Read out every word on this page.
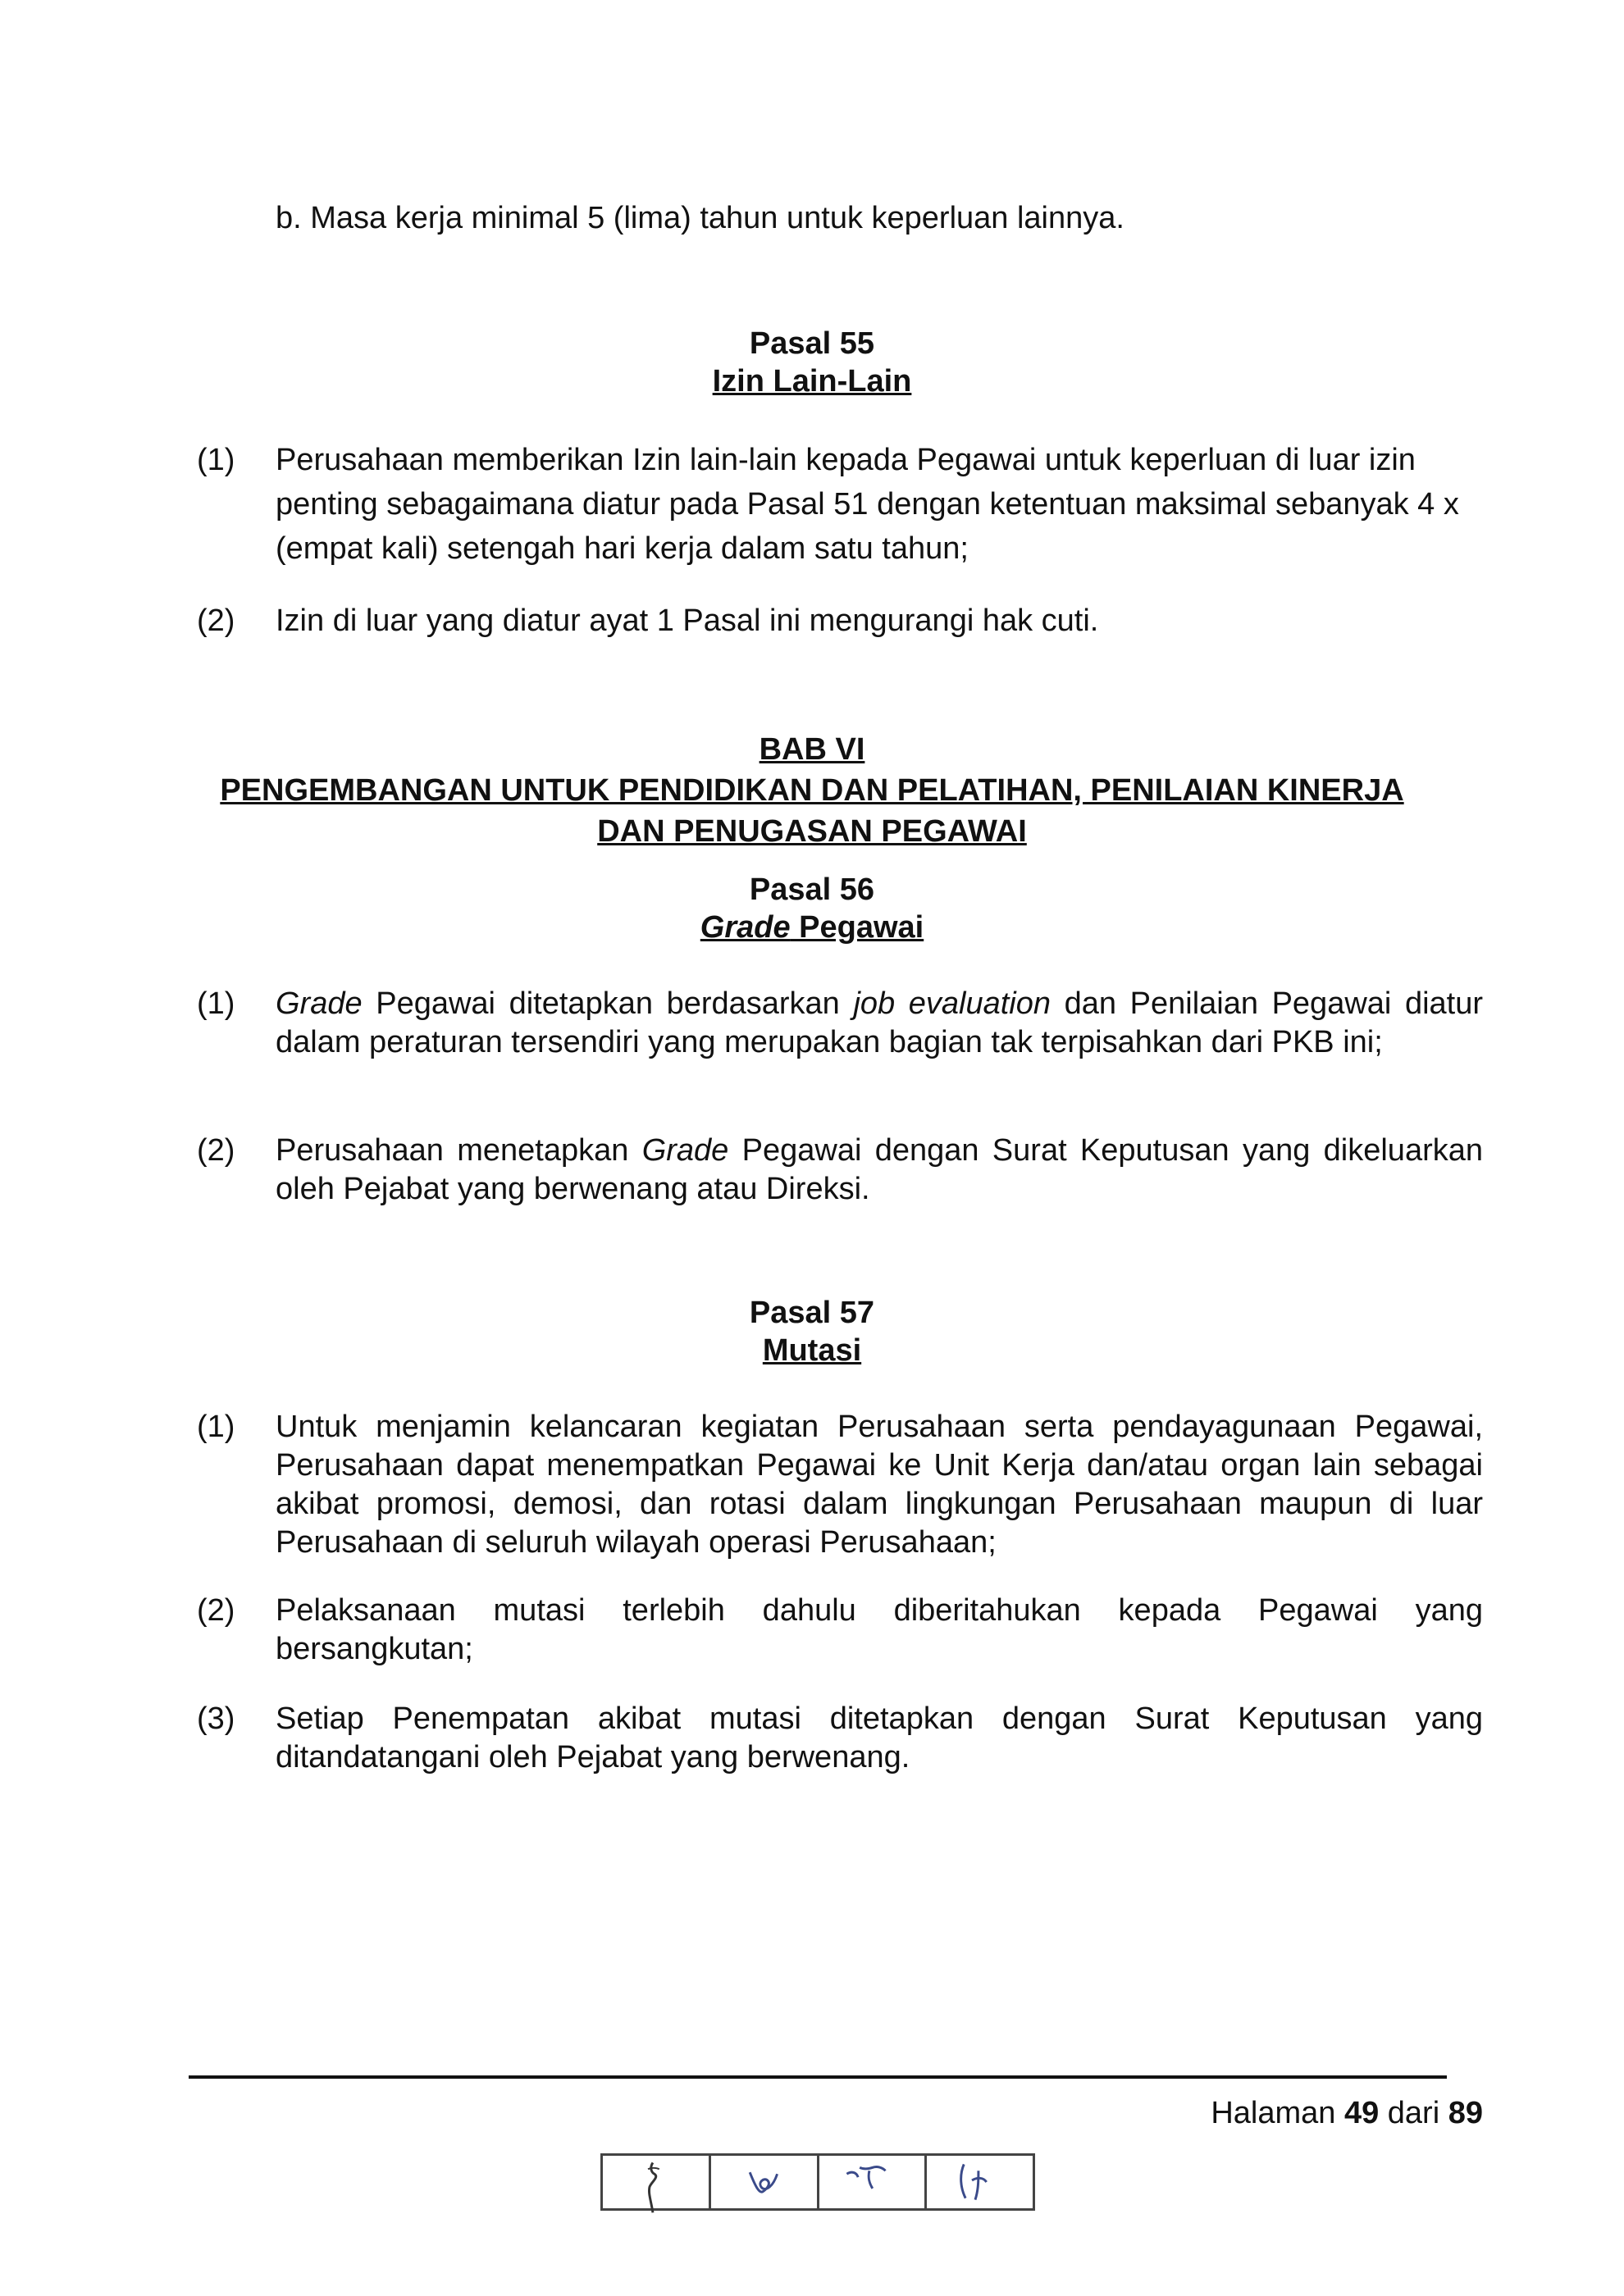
b. Masa kerja minimal 5 (lima) tahun untuk keperluan lainnya.
Pasal 55
Izin Lain-Lain
(1) Perusahaan memberikan Izin lain-lain kepada Pegawai untuk keperluan di luar izin penting sebagaimana diatur pada Pasal 51 dengan ketentuan maksimal sebanyak 4 x (empat kali) setengah hari kerja dalam satu tahun;
(2) Izin di luar yang diatur ayat 1 Pasal ini mengurangi hak cuti.
BAB VI
PENGEMBANGAN UNTUK PENDIDIKAN DAN PELATIHAN, PENILAIAN KINERJA
DAN PENUGASAN PEGAWAI
Pasal 56
Grade Pegawai
(1) Grade Pegawai ditetapkan berdasarkan job evaluation dan Penilaian Pegawai diatur dalam peraturan tersendiri yang merupakan bagian tak terpisahkan dari PKB ini;
(2) Perusahaan menetapkan Grade Pegawai dengan Surat Keputusan yang dikeluarkan oleh Pejabat yang berwenang atau Direksi.
Pasal 57
Mutasi
(1) Untuk menjamin kelancaran kegiatan Perusahaan serta pendayagunaan Pegawai, Perusahaan dapat menempatkan Pegawai ke Unit Kerja dan/atau organ lain sebagai akibat promosi, demosi, dan rotasi dalam lingkungan Perusahaan maupun di luar Perusahaan di seluruh wilayah operasi Perusahaan;
(2) Pelaksanaan mutasi terlebih dahulu diberitahukan kepada Pegawai yang bersangkutan;
(3) Setiap Penempatan akibat mutasi ditetapkan dengan Surat Keputusan yang ditandatangani oleh Pejabat yang berwenang.
Halaman 49 dari 89
